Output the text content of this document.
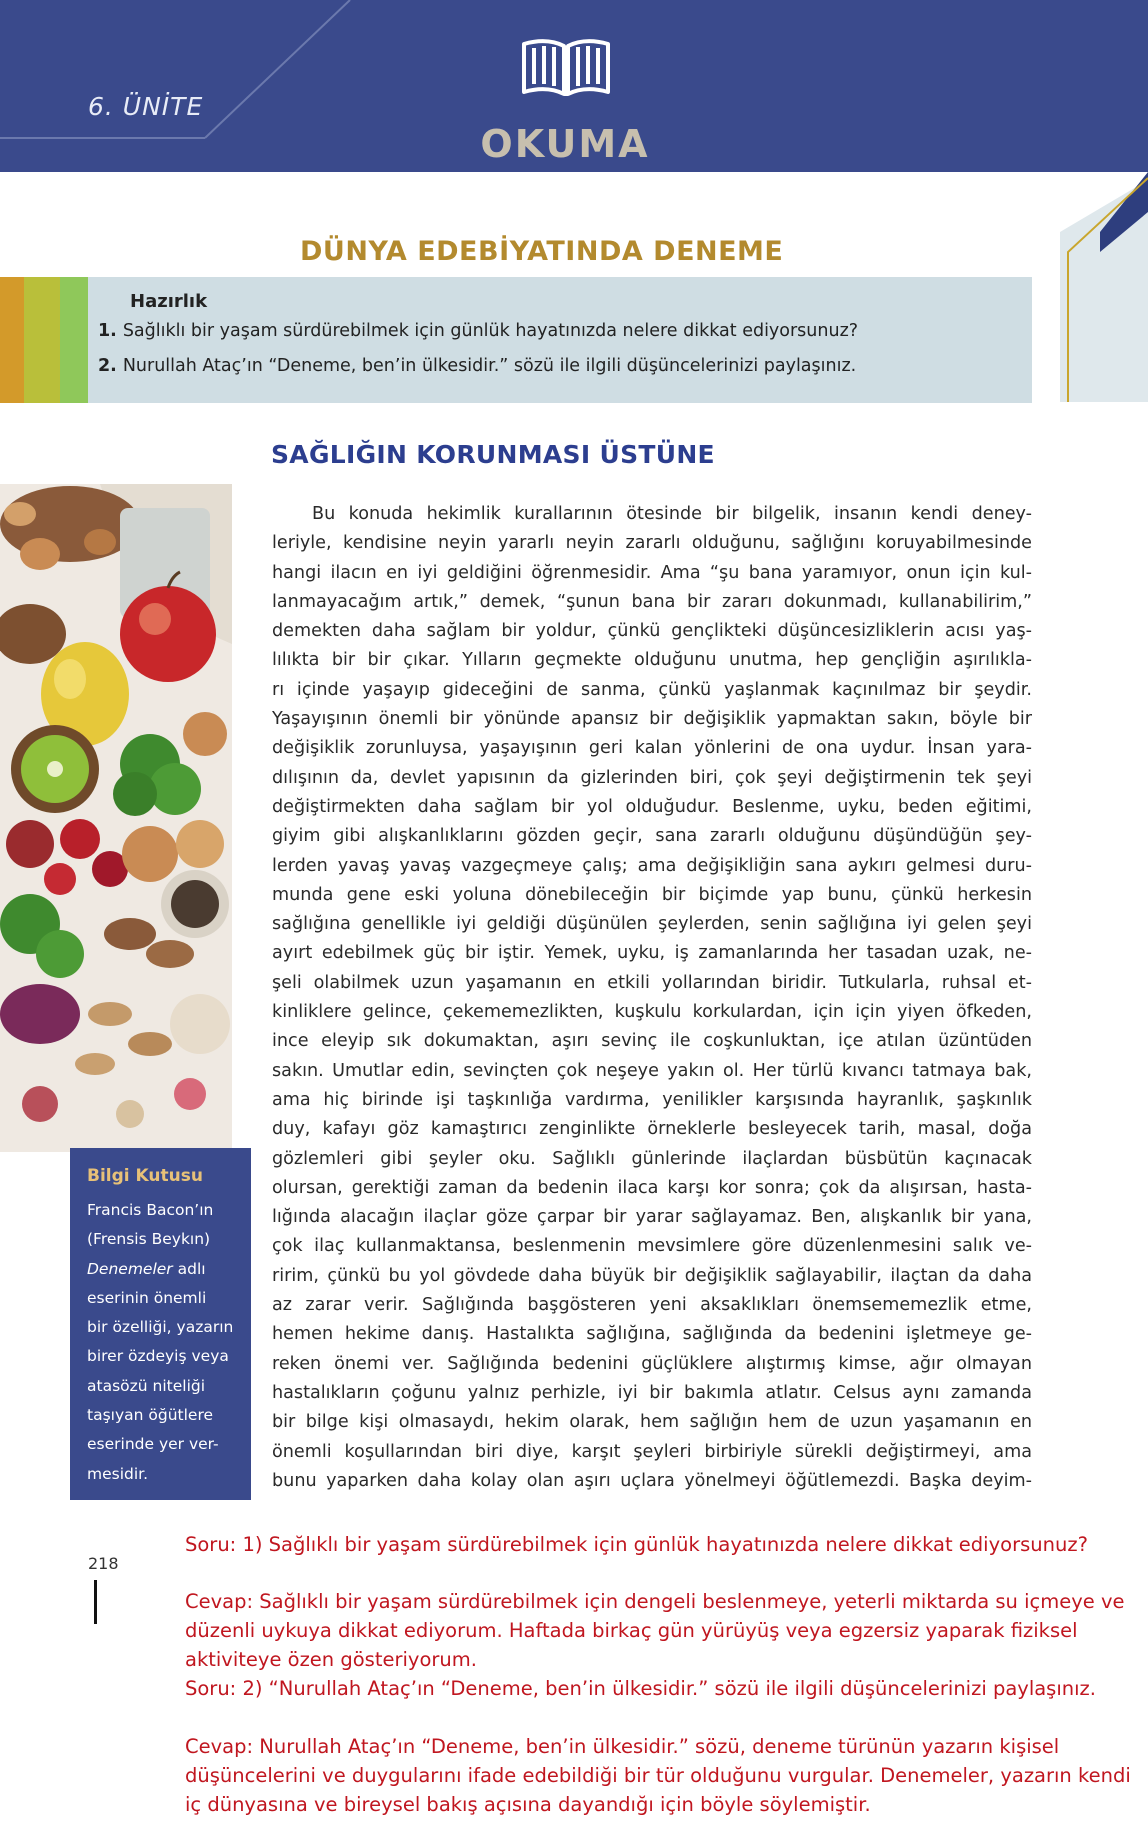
6. ÜNİTE
OKUMA
DÜNYA EDEBİYATINDA DENEME
Hazırlık
1. Sağlıklı bir yaşam sürdürebilmek için günlük hayatınızda nelere dikkat ediyorsunuz?
2. Nurullah Ataç’ın “Deneme, ben’in ülkesidir.” sözü ile ilgili düşüncelerinizi paylaşınız.
SAĞLIĞIN KORUNMASI ÜSTÜNE
Bilgi Kutusu
Francis Bacon’ın
(Frensis Beykın)
Denemeler adlı
eserinin önemli
bir özelliği, yazarın
birer özdeyiş veya
atasözü niteliği
taşıyan öğütlere
eserinde yer ver-
mesidir.
Bu konuda hekimlik kurallarının ötesinde bir bilgelik, insanın kendi deney-
leriyle, kendisine neyin yararlı neyin zararlı olduğunu, sağlığını koruyabilmesinde
hangi ilacın en iyi geldiğini öğrenmesidir. Ama “şu bana yaramıyor, onun için kul-
lanmayacağım artık,” demek, “şunun bana bir zararı dokunmadı, kullanabilirim,”
demekten daha sağlam bir yoldur, çünkü gençlikteki düşüncesizliklerin acısı yaş-
lılıkta bir bir çıkar. Yılların geçmekte olduğunu unutma, hep gençliğin aşırılıkla-
rı içinde yaşayıp gideceğini de sanma, çünkü yaşlanmak kaçınılmaz bir şeydir.
Yaşayışının önemli bir yönünde apansız bir değişiklik yapmaktan sakın, böyle bir
değişiklik zorunluysa, yaşayışının geri kalan yönlerini de ona uydur. İnsan yara-
dılışının da, devlet yapısının da gizlerinden biri, çok şeyi değiştirmenin tek şeyi
değiştirmekten daha sağlam bir yol olduğudur. Beslenme, uyku, beden eğitimi,
giyim gibi alışkanlıklarını gözden geçir, sana zararlı olduğunu düşündüğün şey-
lerden yavaş yavaş vazgeçmeye çalış; ama değişikliğin sana aykırı gelmesi duru-
munda gene eski yoluna dönebileceğin bir biçimde yap bunu, çünkü herkesin
sağlığına genellikle iyi geldiği düşünülen şeylerden, senin sağlığına iyi gelen şeyi
ayırt edebilmek güç bir iştir. Yemek, uyku, iş zamanlarında her tasadan uzak, ne-
şeli olabilmek uzun yaşamanın en etkili yollarından biridir. Tutkularla, ruhsal et-
kinliklere gelince, çekememezlikten, kuşkulu korkulardan, için için yiyen öfkeden,
ince eleyip sık dokumaktan, aşırı sevinç ile coşkunluktan, içe atılan üzüntüden
sakın. Umutlar edin, sevinçten çok neşeye yakın ol. Her türlü kıvancı tatmaya bak,
ama hiç birinde işi taşkınlığa vardırma, yenilikler karşısında hayranlık, şaşkınlık
duy, kafayı göz kamaştırıcı zenginlikte örneklerle besleyecek tarih, masal, doğa
gözlemleri gibi şeyler oku. Sağlıklı günlerinde ilaçlardan büsbütün kaçınacak
olursan, gerektiği zaman da bedenin ilaca karşı kor sonra; çok da alışırsan, hasta-
lığında alacağın ilaçlar göze çarpar bir yarar sağlayamaz. Ben, alışkanlık bir yana,
çok ilaç kullanmaktansa, beslenmenin mevsimlere göre düzenlenmesini salık ve-
ririm, çünkü bu yol gövdede daha büyük bir değişiklik sağlayabilir, ilaçtan da daha
az zarar verir. Sağlığında başgösteren yeni aksaklıkları önemsememezlik etme,
hemen hekime danış. Hastalıkta sağlığına, sağlığında da bedenini işletmeye ge-
reken önemi ver. Sağlığında bedenini güçlüklere alıştırmış kimse, ağır olmayan
hastalıkların çoğunu yalnız perhizle, iyi bir bakımla atlatır. Celsus aynı zamanda
bir bilge kişi olmasaydı, hekim olarak, hem sağlığın hem de uzun yaşamanın en
önemli koşullarından biri diye, karşıt şeyleri birbiriyle sürekli değiştirmeyi, ama
bunu yaparken daha kolay olan aşırı uçlara yönelmeyi öğütlemezdi. Başka deyim-
218
Soru: 1) Sağlıklı bir yaşam sürdürebilmek için günlük hayatınızda nelere dikkat ediyorsunuz?
Cevap: Sağlıklı bir yaşam sürdürebilmek için dengeli beslenmeye, yeterli miktarda su içmeye ve
düzenli uykuya dikkat ediyorum. Haftada birkaç gün yürüyüş veya egzersiz yaparak fiziksel
aktiviteye özen gösteriyorum.
Soru: 2) “Nurullah Ataç’ın “Deneme, ben’in ülkesidir.” sözü ile ilgili düşüncelerinizi paylaşınız.
Cevap: Nurullah Ataç’ın “Deneme, ben’in ülkesidir.” sözü, deneme türünün yazarın kişisel
düşüncelerini ve duygularını ifade edebildiği bir tür olduğunu vurgular. Denemeler, yazarın kendi
iç dünyasına ve bireysel bakış açısına dayandığı için böyle söylemiştir.
